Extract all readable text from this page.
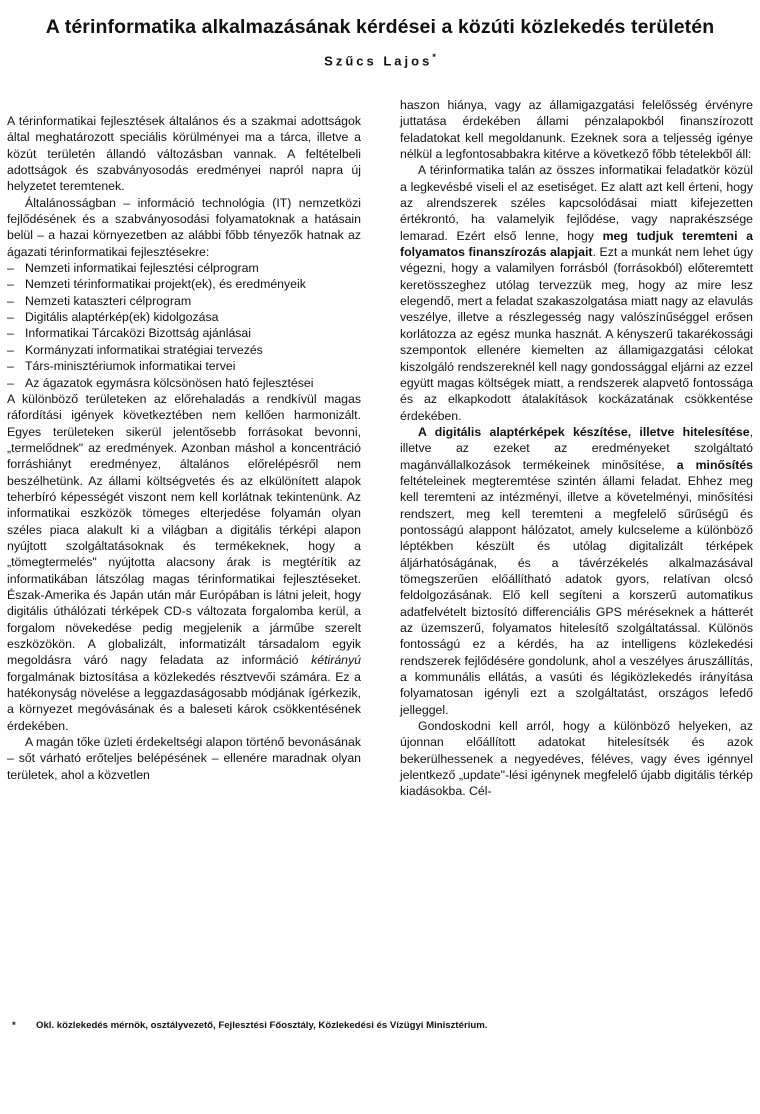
A térinformatika alkalmazásának kérdései a közúti közlekedés területén
Szűcs Lajos*

A térinformatikai fejlesztések általános és a szakmai adottságok által meghatározott speciális körülményei ma a tárca, illetve a közút területén állandó változásban vannak. A feltételbeli adottságok és szabványosodás eredményei napról napra új helyzetet teremtenek.

Általánosságban – információ technológia (IT) nemzetközi fejlődésének és a szabványosodási folyamatoknak a hatásain belül – a hazai környezetben az alábbi főbb tényezők hatnak az ágazati térinformatikai fejlesztésekre:

– Nemzeti informatikai fejlesztési célprogram
– Nemzeti térinformatikai projekt(ek), és eredményeik
– Nemzeti kataszteri célprogram
– Digitális alaptérkép(ek) kidolgozása
– Informatikai Tárcaközi Bizottság ajánlásai
– Kormányzati informatikai stratégiai tervezés
– Társ-minisztériumok informatikai tervei
– Az ágazatok egymásra kölcsönösen ható fejlesztései

A különböző területeken az előrehaladás a rendkívül magas ráfordítási igények következtében nem kellően harmonizált. Egyes területeken sikerül jelentősebb forrásokat bevonni, „termelődnek" az eredmények. Azonban máshol a koncentráció forráshiányt eredményez, általános előrelépésről nem beszélhetünk. Az állami költségvetés és az elkülönített alapok teherbíró képességét viszont nem kell korlátnak tekintenünk. Az informatikai eszközök tömeges elterjedése folyamán olyan széles piaca alakult ki a világban a digitális térképi alapon nyújtott szolgáltatásoknak és termékeknek, hogy a „tömegtermelés" nyújtotta alacsony árak is megtérítik az informatikában látszólag magas térinformatikai fejlesztéseket. Észak-Amerika és Japán után már Európában is látni jeleit, hogy digitális úthálózati térképek CD-s változata forgalomba kerül, a forgalom növekedése pedig megjelenik a járműbe szerelt eszközökön. A globalizált, informatizált társadalom egyik megoldásra váró nagy feladata az információ kétirányú forgalmának biztosítása a közlekedés résztvevői számára. Ez a hatékonyság növelése a leggazdaságosabb módjának ígérkezik, a környezet megóvásának és a baleseti károk csökkentésének érdekében.

A magán tőke üzleti érdekeltségi alapon történő bevonásának – sőt várható erőteljes belépésének – ellenére maradnak olyan területek, ahol a közvetlen

haszon hiánya, vagy az államigazgatási felelősség érvényre juttatása érdekében állami pénzalapokból finanszírozott feladatokat kell megoldanunk. Ezeknek sora a teljesség igénye nélkül a legfontosabbakra kitérve a következő főbb tételekből áll:

A térinformatika talán az összes informatikai feladatkör közül a legkevésbé viseli el az esetiséget. Ez alatt azt kell érteni, hogy az alrendszerek széles kapcsolódásai miatt kifejezetten értékrontó, ha valamelyik fejlődése, vagy naprakészsége lemarad. Ezért első lenne, hogy meg tudjuk teremteni a folyamatos finanszírozás alapjait. Ezt a munkát nem lehet úgy végezni, hogy a valamilyen forrásból (forrásokból) előteremtett keretösszeghez utólag tervezzük meg, hogy az mire lesz elegendő, mert a feladat szakaszolgatása miatt nagy az elavulás veszélye, illetve a részlegesség nagy valószínűséggel erősen korlátozza az egész munka hasznát. A kényszerű takarékossági szempontok ellenére kiemelten az államigazgatási célokat kiszolgáló rendszereknél kell nagy gondossággal eljárni az ezzel együtt magas költségek miatt, a rendszerek alapvető fontossága és az elkapkodott átalakítások kockázatának csökkentése érdekében.

A digitális alaptérképek készítése, illetve hitelesítése, illetve az ezeket az eredményeket szolgáltató magánvállalkozások termékeinek minősítése, a minősítés feltételeinek megteremtése szintén állami feladat. Ehhez meg kell teremteni az intézményi, illetve a követelményi, minősítési rendszert, meg kell teremteni a megfelelő sűrűségű és pontosságú alappont hálózatot, amely kulcseleme a különböző léptékben készült és utólag digitalizált térképek áljárhatóságának, és a távérzékelés alkalmazásával tömegszerűen előállítható adatok gyors, relatívan olcsó feldolgozásának. Elő kell segíteni a korszerű automatikus adatfelvételt biztosító differenciális GPS méréseknek a hátterét az üzemszerű, folyamatos hitelesítő szolgáltatással. Különös fontosságú ez a kérdés, ha az intelligens közlekedési rendszerek fejlődésére gondolunk, ahol a veszélyes áruszállítás, a kommunális ellátás, a vasúti és légiközlekedés irányítása folyamatosan igényli ezt a szolgáltatást, országos lefedő jelleggel.

Gondoskodni kell arról, hogy a különböző helyeken, az újonnan előállított adatokat hitelesítsék és azok bekerülhessenek a negyedéves, féléves, vagy éves igénnyel jelentkező „update"-lési igénynek megfelelő újabb digitális térkép kiadásokba. Cél-

* Okl. közlekedés mérnök, osztályvezető, Fejlesztési Főosztály, Közlekedési és Vízügyi Minisztérium.
